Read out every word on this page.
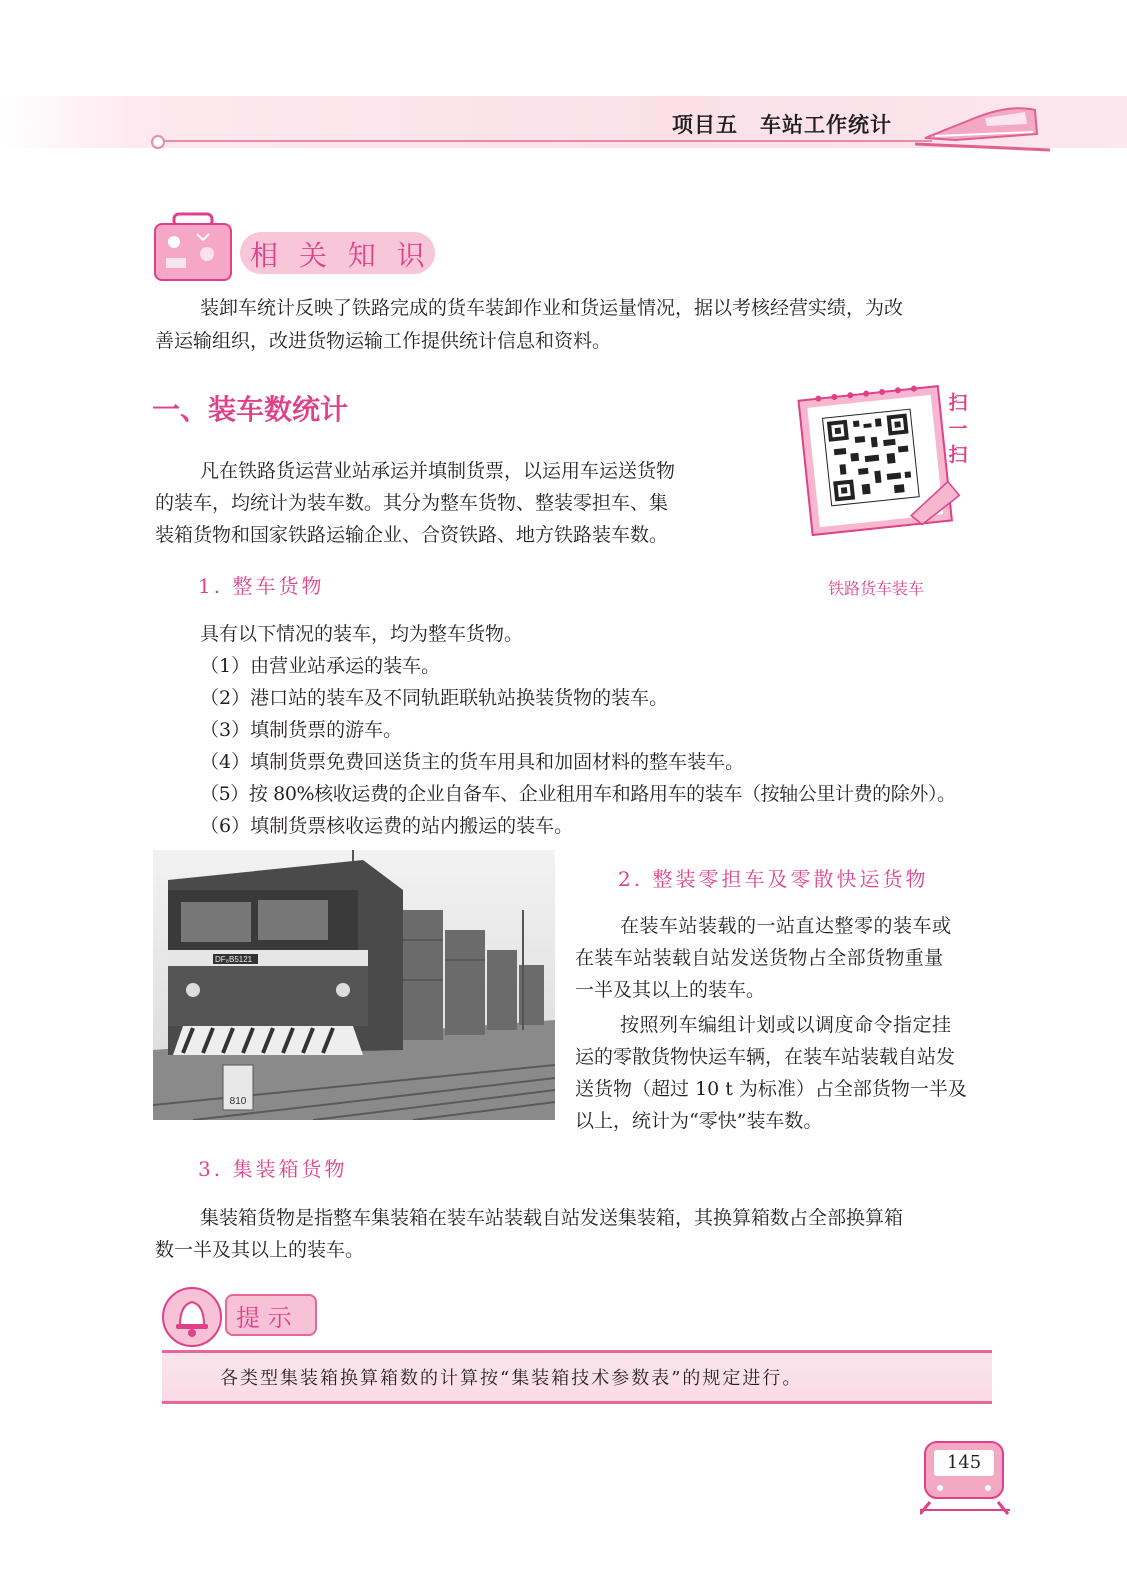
项目五　车站工作统计
相 关 知 识
装卸车统计反映了铁路完成的货车装卸作业和货运量情况，据以考核经营实绩，为改
善运输组织，改进货物运输工作提供统计信息和资料。
一、装车数统计
凡在铁路货运营业站承运并填制货票，以运用车运送货物
的装车，均统计为装车数。其分为整车货物、整装零担车、集
装箱货物和国家铁路运输企业、合资铁路、地方铁路装车数。
扫
一
扫
铁路货车装车
1. 整车货物
具有以下情况的装车，均为整车货物。
（1）由营业站承运的装车。
（2）港口站的装车及不同轨距联轨站换装货物的装车。
（3）填制货票的游车。
（4）填制货票免费回送货主的货车用具和加固材料的整车装车。
（5）按 80%核收运费的企业自备车、企业租用车和路用车的装车（按轴公里计费的除外）。
（6）填制货票核收运费的站内搬运的装车。
810
DF₈B5121
2. 整装零担车及零散快运货物
在装车站装载的一站直达整零的装车或
在装车站装载自站发送货物占全部货物重量
一半及其以上的装车。
按照列车编组计划或以调度命令指定挂
运的零散货物快运车辆，在装车站装载自站发
送货物（超过 10 t 为标准）占全部货物一半及
以上，统计为“零快”装车数。
3. 集装箱货物
集装箱货物是指整车集装箱在装车站装载自站发送集装箱，其换算箱数占全部换算箱
数一半及其以上的装车。
提 示
各类型集装箱换算箱数的计算按“集装箱技术参数表”的规定进行。
145
